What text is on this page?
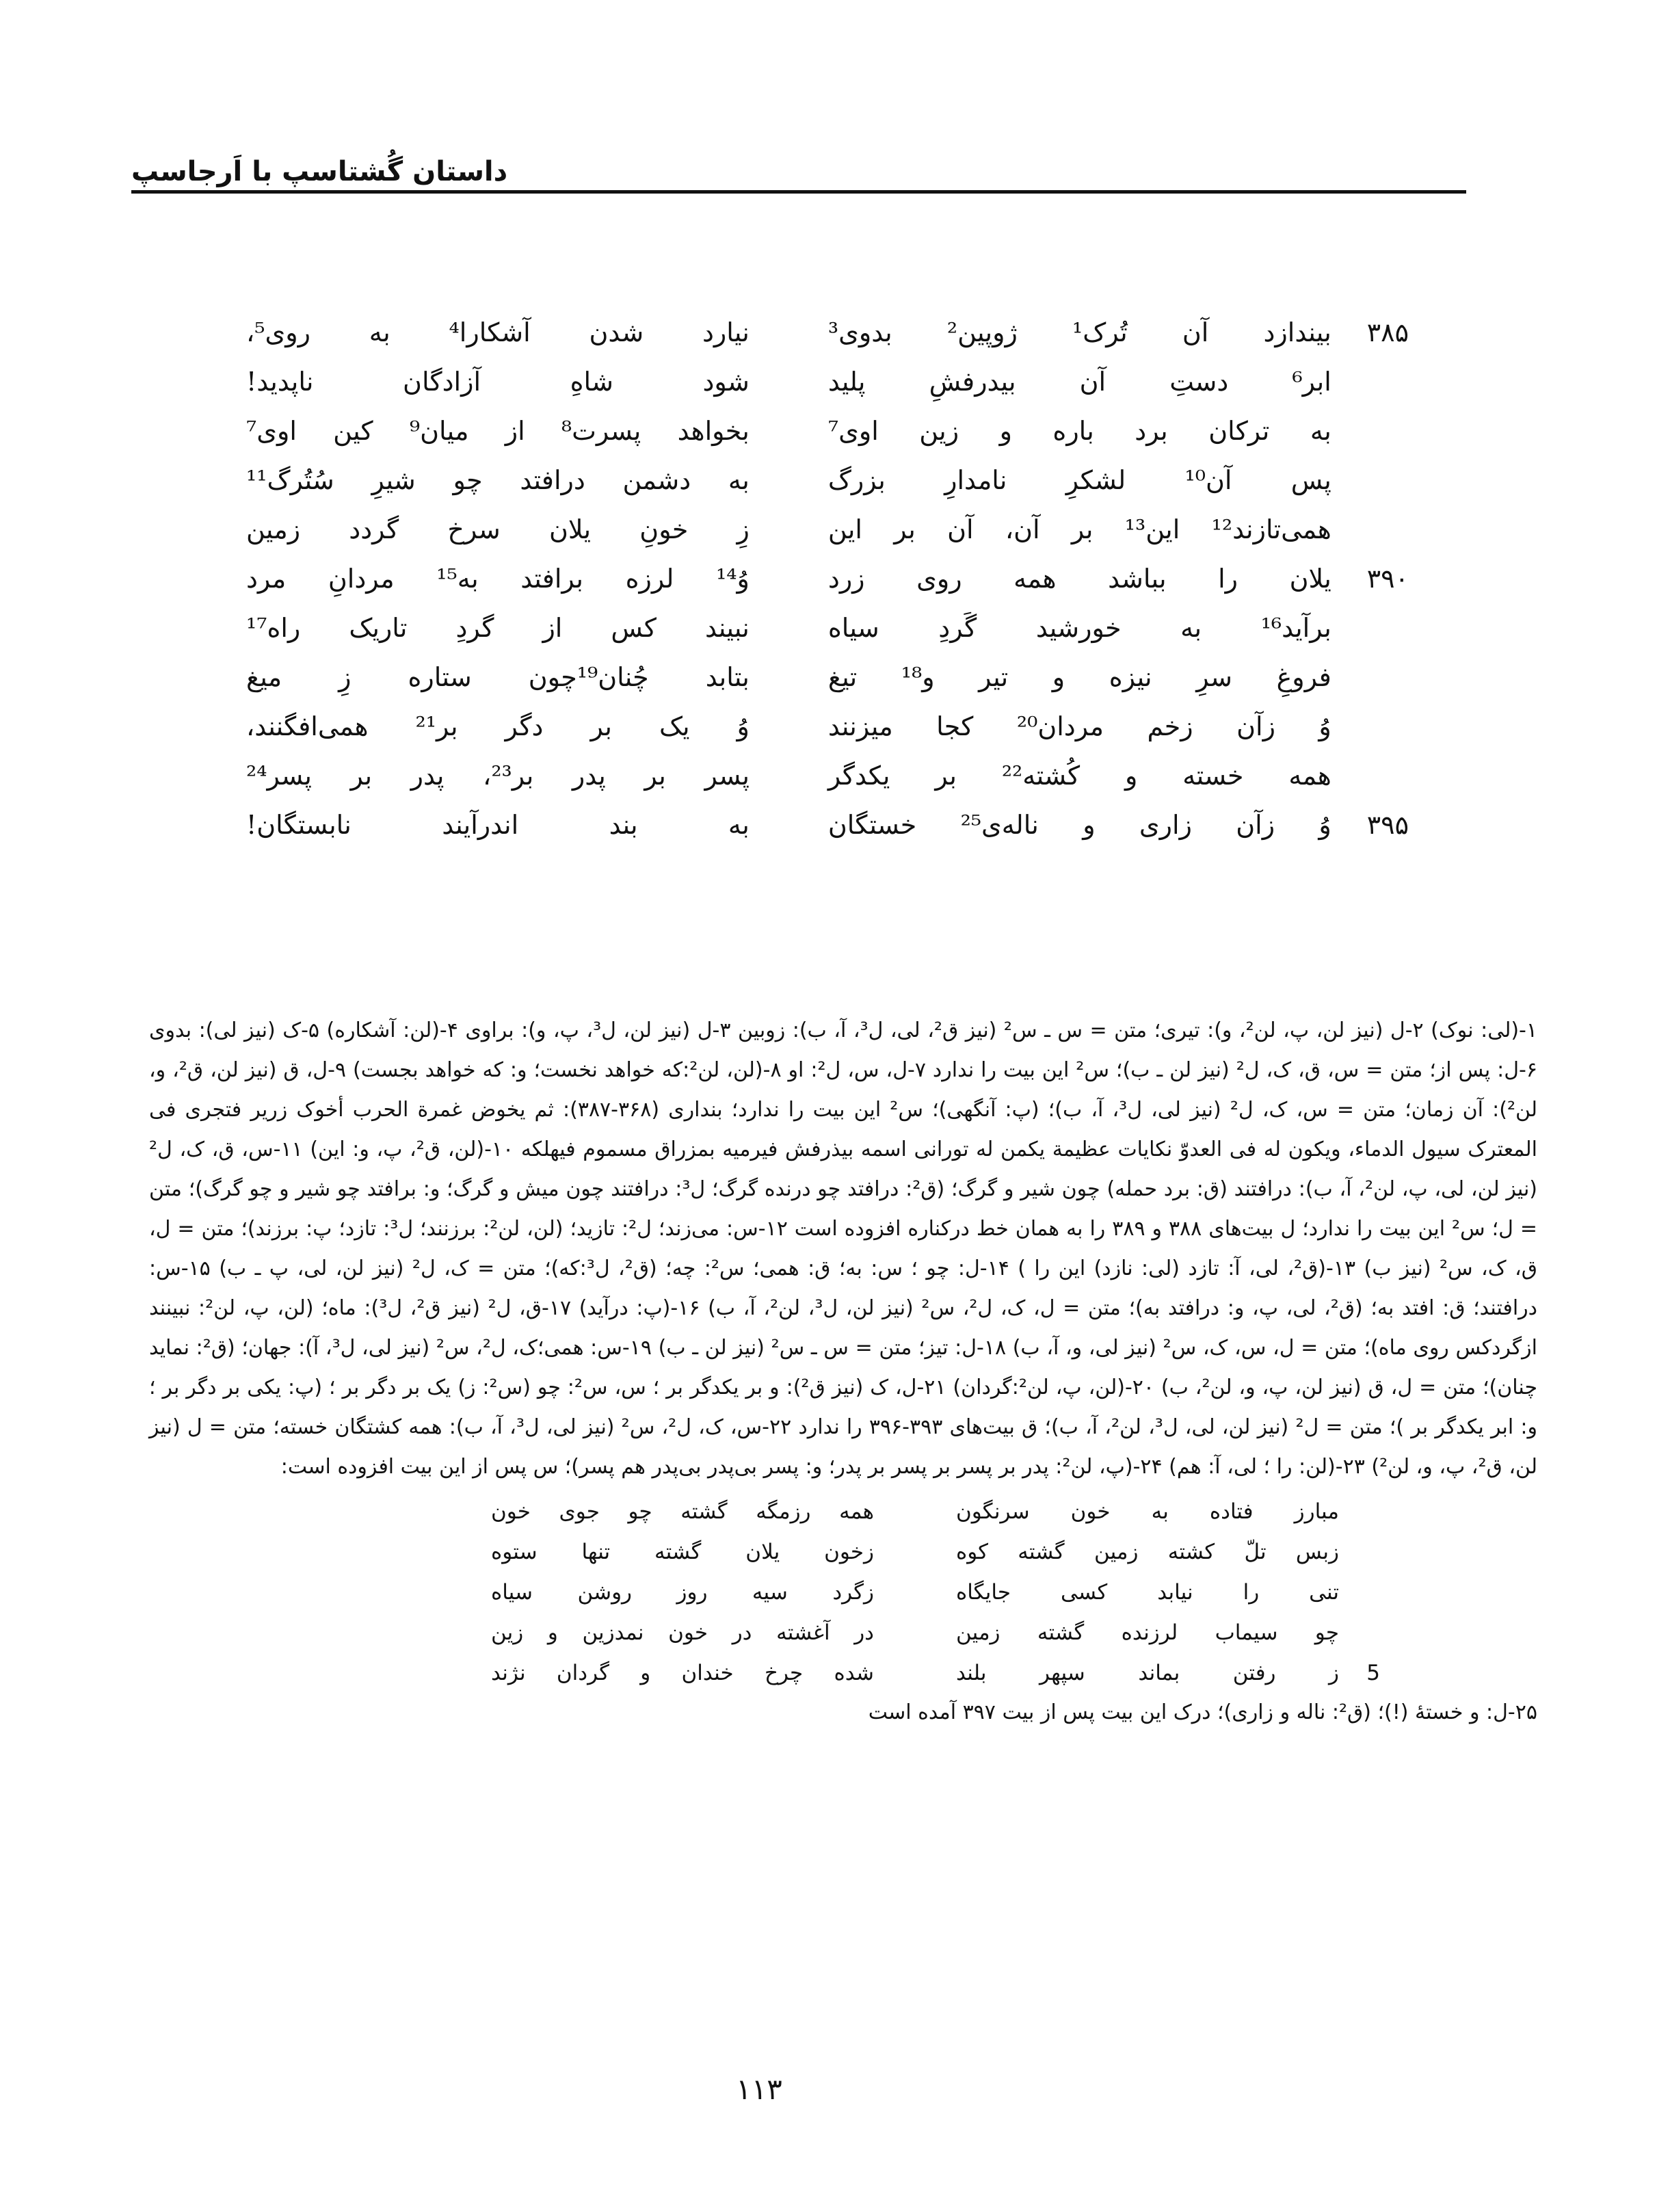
داستان گُشتاسپ با اَرجاسپ
۳۸۵
بیندازد آن تُرک¹ ژوپین² بدوی³
نیارد شدن آشکارا⁴ به روی⁵،
ابر⁶ دستِ آن بیدرفشِ پلید
شود شاهِ آزادگان ناپدید!
به ترکان برد باره و زین اوی⁷
بخواهد پسرت⁸ از میان⁹ کین اوی⁷
پس آن¹⁰ لشکرِ نامدارِ بزرگ
به دشمن درافتد چو شیرِ سُتُرگ¹¹
همی‌تازند¹² این¹³ بر آن، آن بر این
زِ خونِ یلان سرخ گردد زمین
۳۹۰
یلان را بباشد همه روی زرد
وُ¹⁴ لرزه برافتد به¹⁵ مردانِ مرد
برآید¹⁶ به خورشید گَردِ سیاه
نبیند کس از گردِ تاریک راه¹⁷
فروغِ سرِ نیزه و تیر و¹⁸ تیغ
بتابد چُنان¹⁹چون ستاره زِ میغ
وُ زآن زخم مردان²⁰ کجا میزنند
وُ یک بر دگر بر²¹ همی‌افگنند،
همه خسته و کُشته²² بر یکدگر
پسر بر پدر بر²³، پدر بر پسر²⁴
۳۹۵
وُ زآن زاری و ناله‌ی²⁵ خستگان
به بند اندرآیند نابستگان!

۱-(لی: نوک) ۲-ل (نیز لن، پ، لن²، و): تیری؛ متن = س ـ س² (نیز ق²، لی، ل³، آ، ب): زوبین ۳-ل (نیز لن، ل³، پ، و): براوی ۴-(لن: آشکاره) ۵-ک (نیز لی): بدوی ۶-ل: پس از؛ متن = س، ق، ک، ل² (نیز لن ـ ب)؛ س² این بیت را ندارد ۷-ل، س، ل²: او ۸-(لن، لن²:که خواهد نخست؛ و: که خواهد بجست) ۹-ل، ق (نیز لن، ق²، و، لن²): آن زمان؛ متن = س، ک، ل² (نیز لی، ل³، آ، ب)؛ (پ: آنگهی)؛ س² این بیت را ندارد؛ بنداری (۳۶۸-۳۸۷): ثم یخوض غمرة الحرب أخوک زریر فتجری فی المعترک سیول الدماء، ویکون له فی العدوّ نکایات عظیمة یکمن له تورانی اسمه بیذرفش فیرمیه بمزراق مسموم فیهلکه ۱۰-(لن، ق²، پ، و: این) ۱۱-س، ق، ک، ل² (نیز لن، لی، پ، لن²، آ، ب): درافتند (ق: برد حمله) چون شیر و گرگ؛ (ق²: درافتد چو درنده گرگ؛ ل³: درافتند چون میش و گرگ؛ و: برافتد چو شیر و چو گرگ)؛ متن = ل؛ س² این بیت را ندارد؛ ل بیت‌های ۳۸۸ و ۳۸۹ را به همان خط درکناره افزوده است ۱۲-س: می‌زند؛ ل²: تازید؛ (لن، لن²: برزنند؛ ل³: تازد؛ پ: برزند)؛ متن = ل، ق، ک، س² (نیز ب) ۱۳-(ق²، لی، آ: تازد (لی: نازد) این را ) ۱۴-ل: چو ؛ س: به؛ ق: همی؛ س²: چه؛ (ق²، ل³:که)؛ متن = ک، ل² (نیز لن، لی، پ ـ ب) ۱۵-س: درافتند؛ ق: افتد به؛ (ق²، لی، پ، و: درافتد به)؛ متن = ل، ک، ل²، س² (نیز لن، ل³، لن²، آ، ب) ۱۶-(پ: درآید) ۱۷-ق، ل² (نیز ق²، ل³): ماه؛ (لن، پ، لن²: نبینند ازگردکس روی ماه)؛ متن = ل، س، ک، س² (نیز لی، و، آ، ب) ۱۸-ل: تیز؛ متن = س ـ س² (نیز لن ـ ب) ۱۹-س: همی؛ک، ل²، س² (نیز لی، ل³، آ): جهان؛ (ق²: نماید چنان)؛ متن = ل، ق (نیز لن، پ، و، لن²، ب) ۲۰-(لن، پ، لن²:گردان) ۲۱-ل، ک (نیز ق²): و بر یکدگر بر ؛ س، س²: چو (س²: ز) یک بر دگر بر ؛ (پ: یکی بر دگر بر ؛ و: ابر یکدگر بر )؛ متن = ل² (نیز لن، لی، ل³، لن²، آ، ب)؛ ق بیت‌های ۳۹۳-۳۹۶ را ندارد ۲۲-س، ک، ل²، س² (نیز لی، ل³، آ، ب): همه کشتگان خسته؛ متن = ل (نیز لن، ق²، پ، و، لن²) ۲۳-(لن: را ؛ لی، آ: هم) ۲۴-(پ، لن²: پدر بر پسر بر پسر بر پدر؛ و: پسر بی‌پدر بی‌پدر هم پسر)؛ س پس از این بیت افزوده است:

مبارز فتاده به خون سرنگون
همه رزمگه گشته چو جوی خون
زبس تلّ کشته زمین گشته کوه
زخون یلان گشته تنها ستوه
تنی را نیابد کسی جایگاه
زگرد سیه روز روشن سیاه
چو سیماب لرزنده گشته زمین
در آغشته در خون نمدزین و زین
5
ز رفتن بماند سپهر بلند
شده چرخ خندان و گردان نژند

۲۵-ل: و خستهٔ (!)؛ (ق²: ناله و زاری)؛ درک این بیت پس از بیت ۳۹۷ آمده است

۱۱۳
